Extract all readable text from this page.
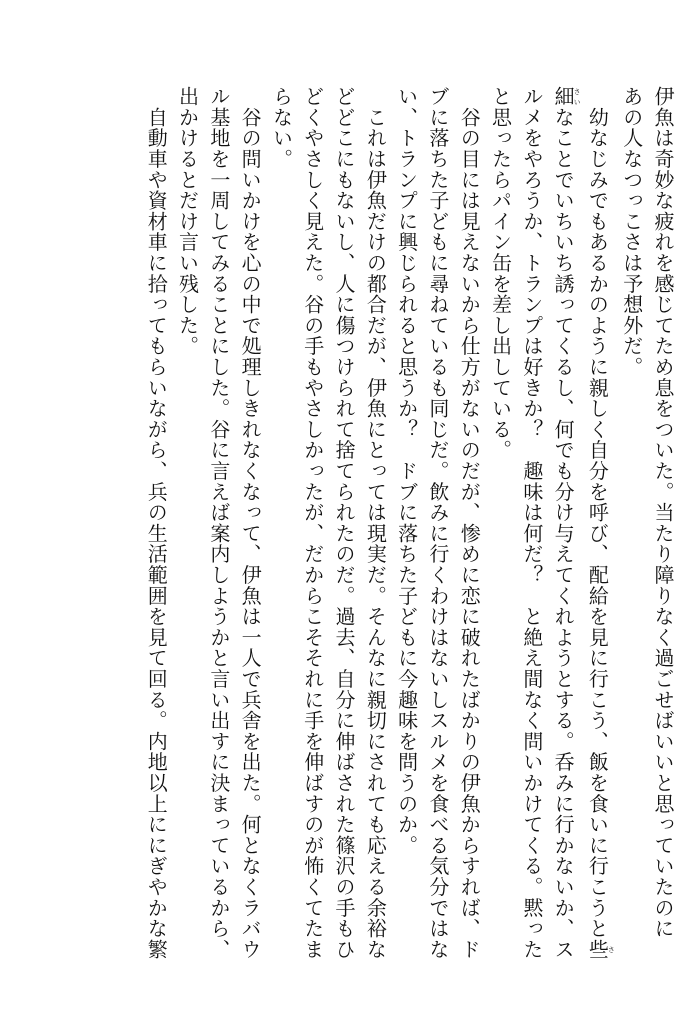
伊魚は奇妙な疲れを感じてため息をついた。当たり障りなく過ごせばいいと思っていたのに
あの人なつっこさは予想外だ。
　幼なじみでもあるかのように親しく自分を呼び、配給を見に行こう、飯を食いに行こうと些さ
細さいなことでいちいち誘ってくるし、何でも分け与えてくれようとする。呑みに行かないか、ス
ルメをやろうか、トランプは好きか？　趣味は何だ？　と絶え間なく問いかけてくる。黙った
と思ったらパイン缶を差し出している。
　谷の目には見えないから仕方がないのだが、惨めに恋に破れたばかりの伊魚からすれば、ド
ブに落ちた子どもに尋ねているも同じだ。飲みに行くわけはないしスルメを食べる気分ではな
い、トランプに興じられると思うか？　ドブに落ちた子どもに今趣味を問うのか。
　これは伊魚だけの都合だが、伊魚にとっては現実だ。そんなに親切にされても応える余裕な
どどこにもないし、人に傷つけられて捨てられたのだ。過去、自分に伸ばされた篠沢の手もひ
どくやさしく見えた。谷の手もやさしかったが、だからこそそれに手を伸ばすのが怖くてたま
らない。
　谷の問いかけを心の中で処理しきれなくなって、伊魚は一人で兵舎を出た。何となくラバウ
ル基地を一周してみることにした。谷に言えば案内しようかと言い出すに決まっているから、
出かけるとだけ言い残した。
　自動車や資材車に拾ってもらいながら、兵の生活範囲を見て回る。内地以上ににぎやかな繁
